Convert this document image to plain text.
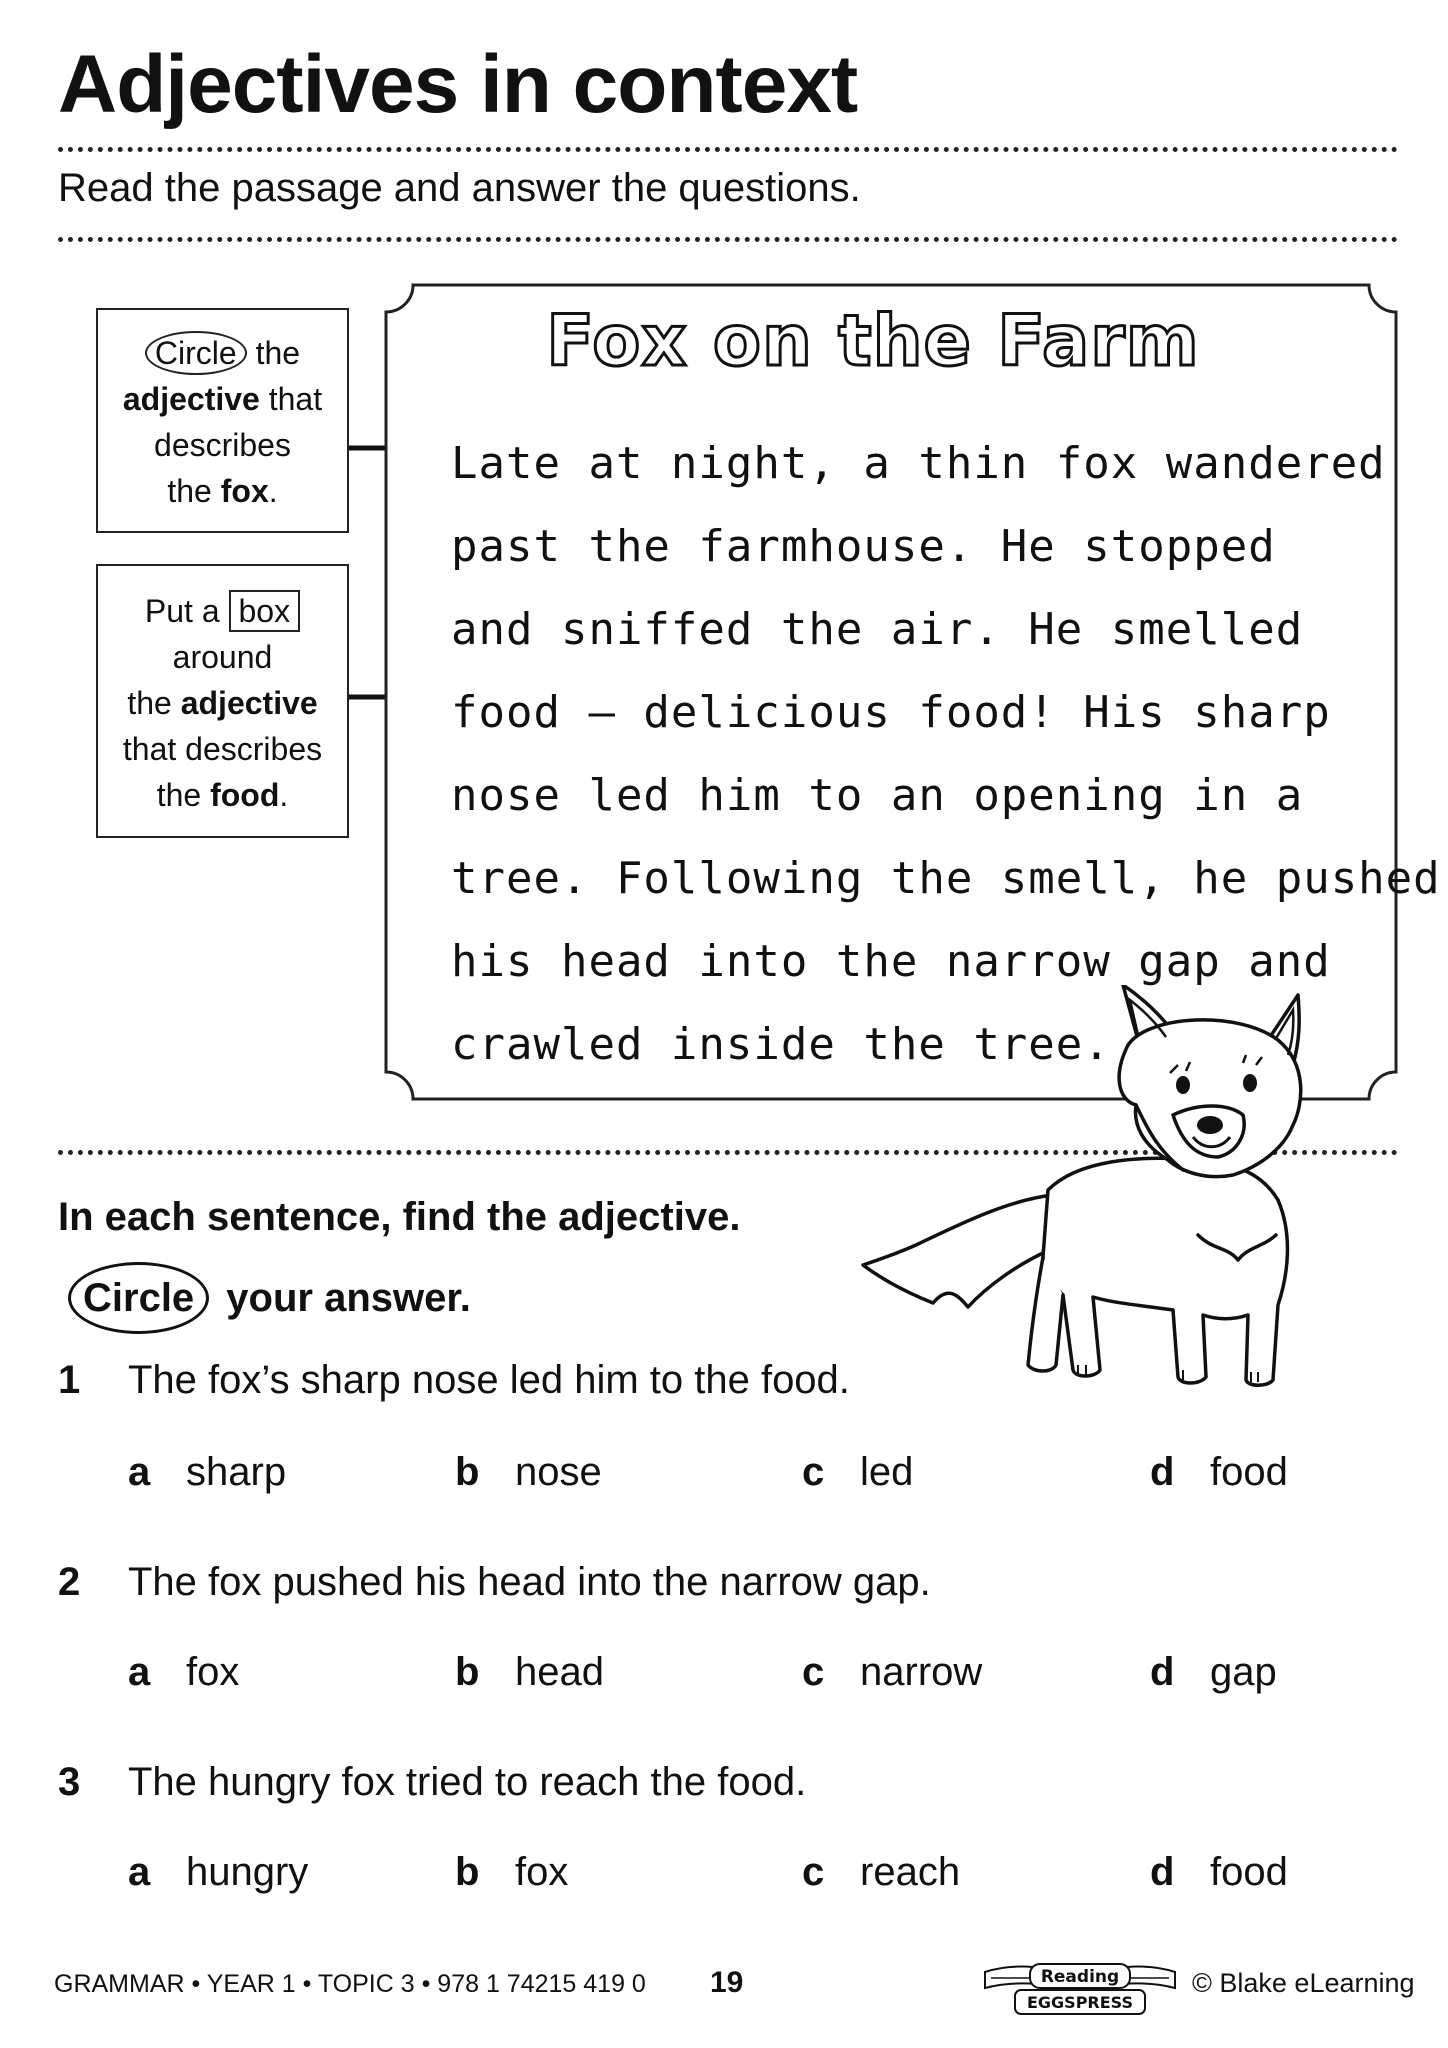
Adjectives in context
Read the passage and answer the questions.
Circle the
adjective that
describes
the fox.
Put a box
around
the adjective
that describes
the food.
Fox on the Farm
Late at night, a thin fox wandered
past the farmhouse. He stopped
and sniffed the air. He smelled
food — delicious food! His sharp
nose led him to an opening in a
tree. Following the smell, he pushed
his head into the narrow gap and
crawled inside the tree.
In each sentence, find the adjective.
Circle your answer.
1 The fox’s sharp nose led him to the food.
a sharp	b nose	c led	d food
2 The fox pushed his head into the narrow gap.
a fox	b head	c narrow	d gap
3 The hungry fox tried to reach the food.
a hungry	b fox	c reach	d food
GRAMMAR • YEAR 1 • TOPIC 3 • 978 1 74215 419 0 19	Reading
EGGSPRESS
© Blake eLearning
